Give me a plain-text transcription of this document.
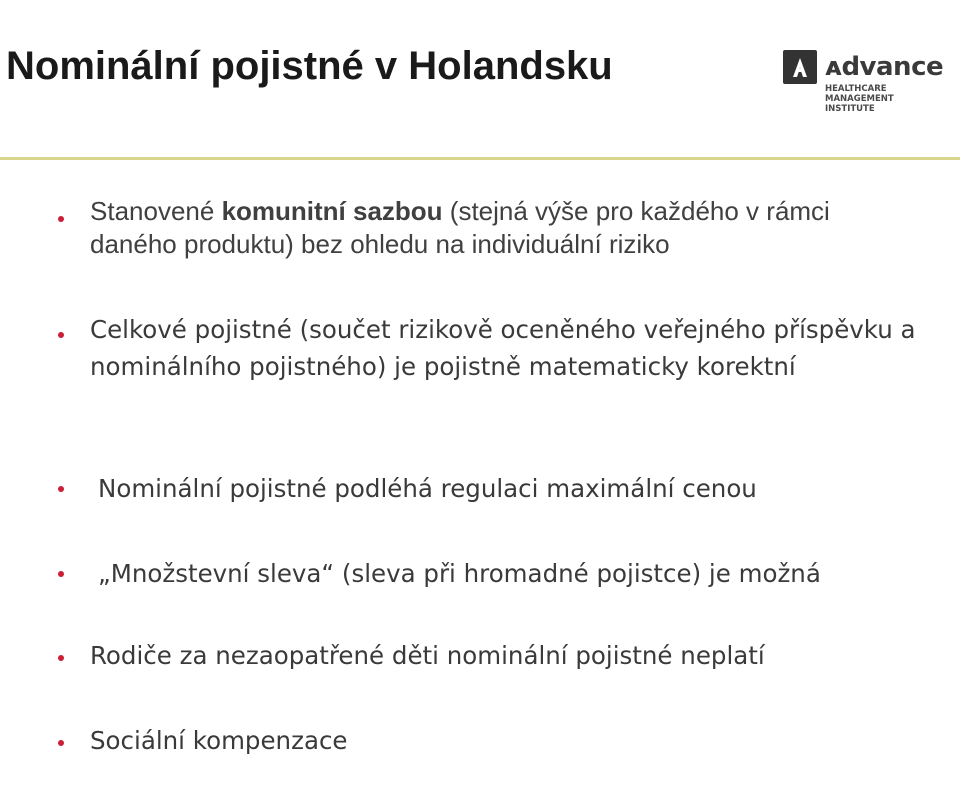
Nominální pojistné v Holandsku	ᴀdvance
HEALTHCARE
MANAGEMENT
INSTITUTE

Stanovené komunitní sazbou (stejná výše pro každého v rámci daného produktu) bez ohledu na individuální riziko

Celkové pojistné (součet rizikově oceněného veřejného příspěvku a nominálního pojistného) je pojistně matematicky korektní

Nominální pojistné podléhá regulaci maximální cenou

„Množstevní sleva“ (sleva při hromadné pojistce) je možná

Rodiče za nezaopatřené děti nominální pojistné neplatí

Sociální kompenzace
